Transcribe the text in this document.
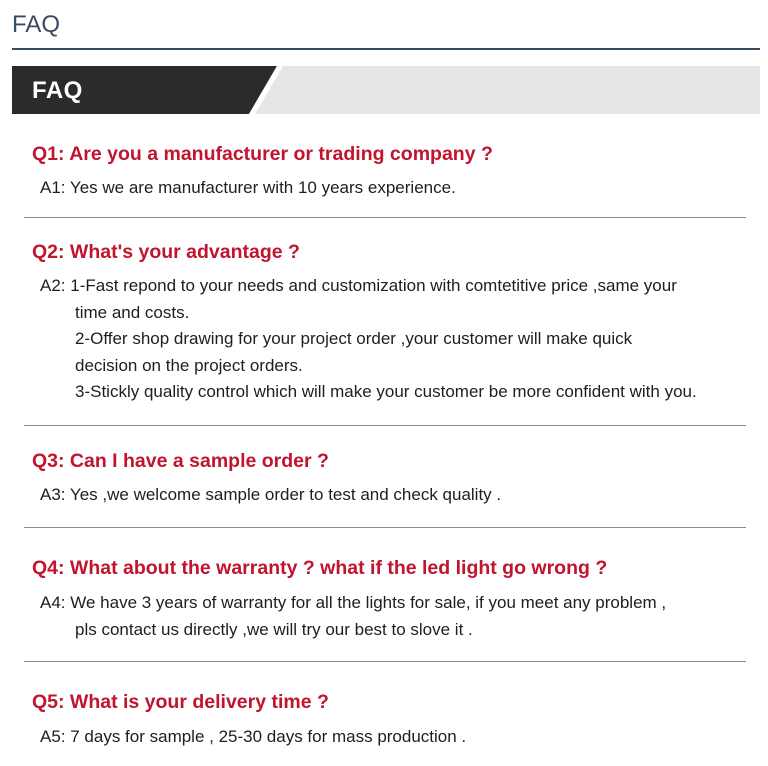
FAQ
FAQ
Q1: Are you a manufacturer or trading company ?
A1: Yes we are manufacturer with 10 years experience.
Q2: What's your advantage ?
A2: 1-Fast repond to your needs and customization with comtetitive price ,same your
time and costs.
2-Offer shop drawing for your project order ,your customer will make quick
decision on the project orders.
3-Stickly quality control which will make your customer be more confident with you.
Q3: Can I have a sample order ?
A3: Yes ,we welcome sample order to test and check quality .
Q4: What about the warranty ? what if the led light go wrong ?
A4: We have 3 years of warranty for all the lights for sale, if you meet any problem ,
pls contact us directly ,we will try our best to slove it .
Q5: What is your delivery time ?
A5: 7 days for sample , 25-30 days for mass production .
